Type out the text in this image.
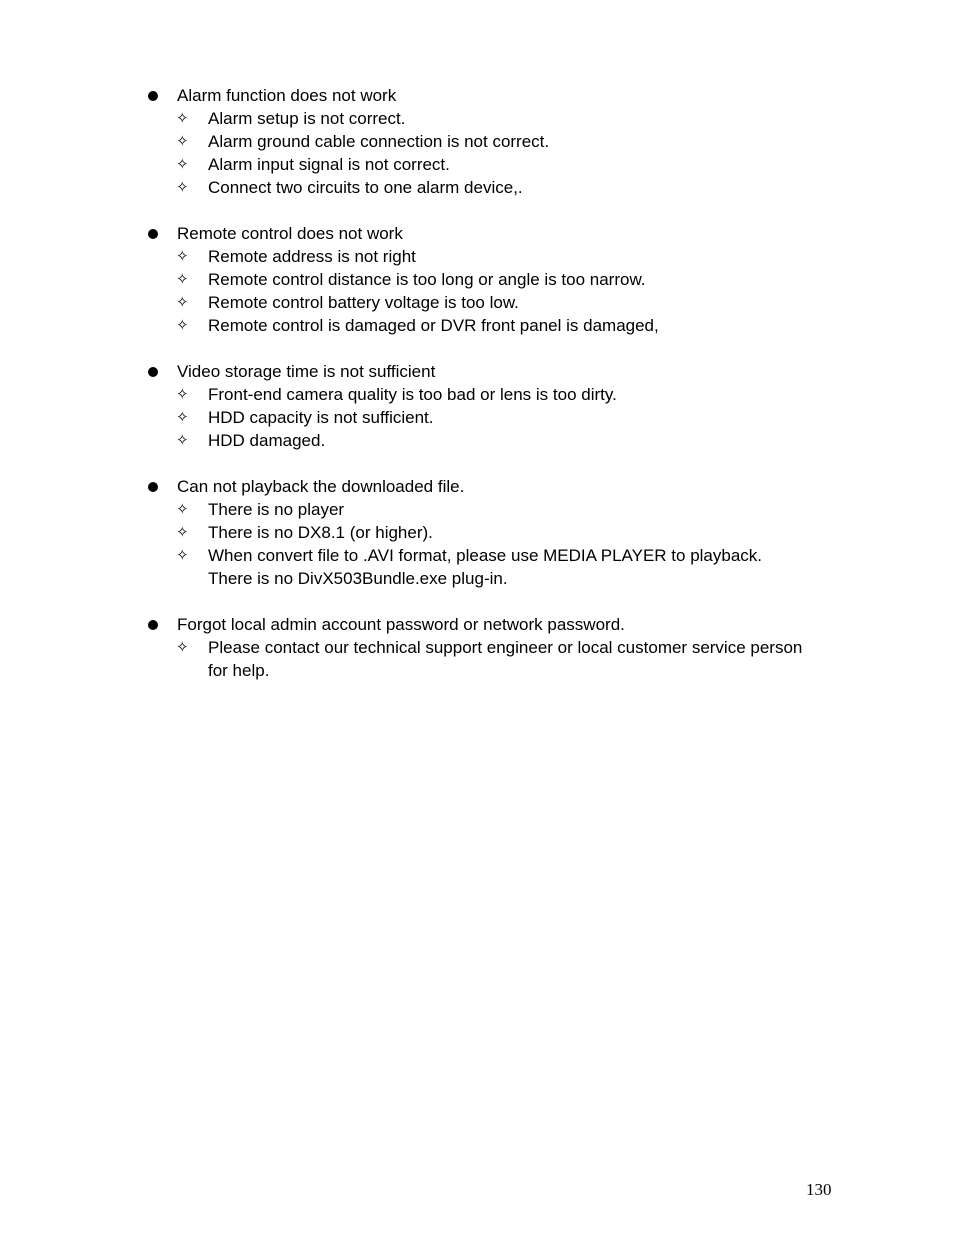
Alarm function does not work
✧ Alarm setup is not correct.
✧ Alarm ground cable connection is not correct.
✧ Alarm input signal is not correct.
✧ Connect two circuits to one alarm device,.
Remote control does not work
✧ Remote address is not right
✧ Remote control distance is too long or angle is too narrow.
✧ Remote control battery voltage is too low.
✧ Remote control is damaged or DVR front panel is damaged,
Video storage time is not sufficient
✧ Front-end camera quality is too bad or lens is too dirty.
✧ HDD capacity is not sufficient.
✧ HDD damaged.
Can not playback the downloaded file.
✧ There is no player
✧ There is no DX8.1 (or higher).
✧ When convert file to .AVI format, please use MEDIA PLAYER to playback.
There is no DivX503Bundle.exe plug-in.
Forgot local admin account password or network password.
✧ Please contact our technical support engineer or local customer service person
for help.
130
